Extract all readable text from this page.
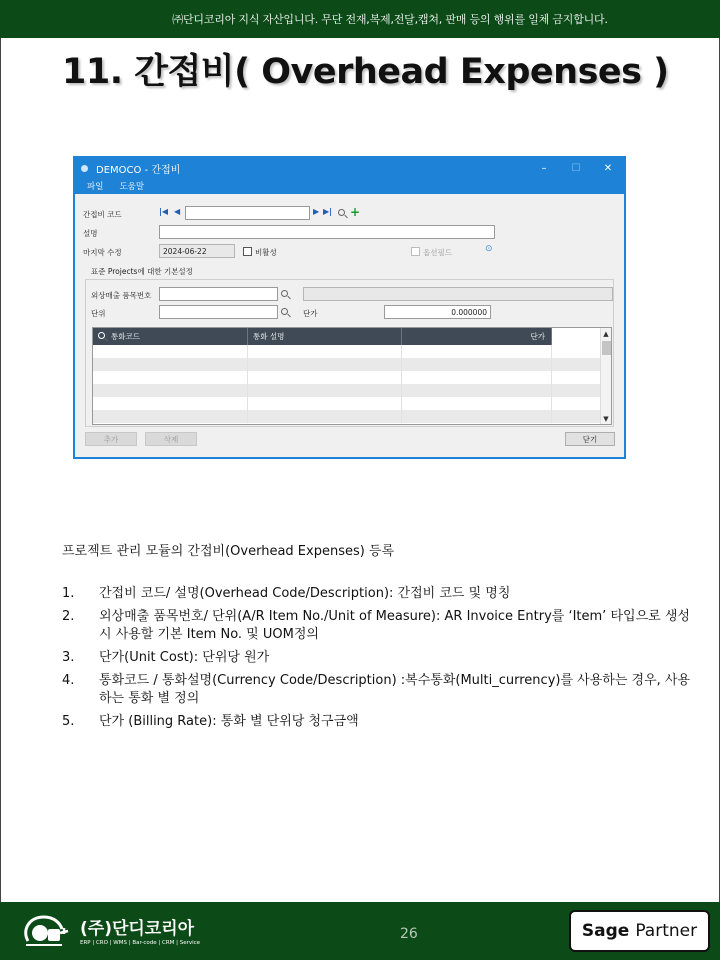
㈜단디코리아 지식 자산입니다. 무단 전재,복제,전달,캡쳐, 판매 등의 행위를 일체 금지합니다.
11. 간접비( Overhead Expenses )
DEMOCO - 간접비	–	☐	✕
파일 도움말
간접비 코드	|◀ ◀	▶ ▶| +
설명
마지막 수정	2024-06-22	비활성	옵션필드	⊙
표준 Projects에 대한 기본설정
외상매출 품목번호
단위	단가	0.000000
통화코드	통화 설명	단가	▲
▼
추가	삭제	닫기
프로젝트 관리 모듈의 간접비(Overhead Expenses) 등록
1.	간접비 코드/ 설명(Overhead Code/Description): 간접비 코드 및 명칭
2.	외상매출 품목번호/ 단위(A/R Item No./Unit of Measure): AR Invoice Entry를 ‘Item’ 타입으로 생성 시 사용할 기본 Item No. 및 UOM정의
3.	단가(Unit Cost): 단위당 원가
4.	통화코드 / 통화설명(Currency Code/Description) :복수통화(Multi_currency)를 사용하는 경우, 사용하는 통화 별 정의
5.	단가 (Billing Rate): 통화 별 단위당 청구금액
(주)단디코리아
ERP | CRO | WMS | Bar-code | CRM | Service
26	Sage Partner
